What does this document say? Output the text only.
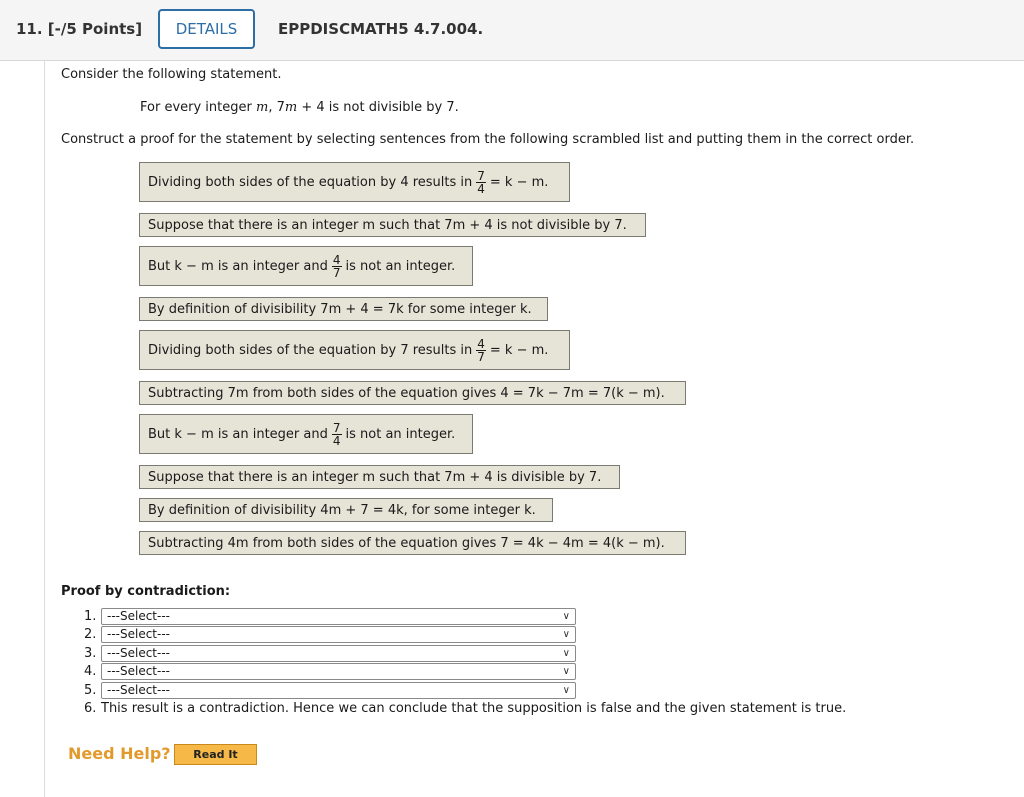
11. [-/5 Points]	DETAILS	EPPDISCMATH5 4.7.004.
Consider the following statement.
For every integer m, 7m + 4 is not divisible by 7.
Construct a proof for the statement by selecting sentences from the following scrambled list and putting them in the correct order.
Dividing both sides of the equation by 4 results in $\frac{7}{4} = k - m$.
Suppose that there is an integer m such that 7m + 4 is not divisible by 7.
But k − m is an integer and $\frac{4}{7}$ is not an integer.
By definition of divisibility 7m + 4 = 7k for some integer k.
Dividing both sides of the equation by 7 results in $\frac{4}{7} = k - m$.
Subtracting 7m from both sides of the equation gives 4 = 7k − 7m = 7(k − m).
But k − m is an integer and $\frac{7}{4}$ is not an integer.
Suppose that there is an integer m such that 7m + 4 is divisible by 7.
By definition of divisibility 4m + 7 = 4k, for some integer k.
Subtracting 4m from both sides of the equation gives 7 = 4k − 4m = 4(k − m).
Proof by contradiction:
1. ---Select---	∨
2. ---Select---	∨
3. ---Select---	∨
4. ---Select---	∨
5. ---Select---	∨
6. This result is a contradiction. Hence we can conclude that the supposition is false and the given statement is true.
Need Help?	Read It
